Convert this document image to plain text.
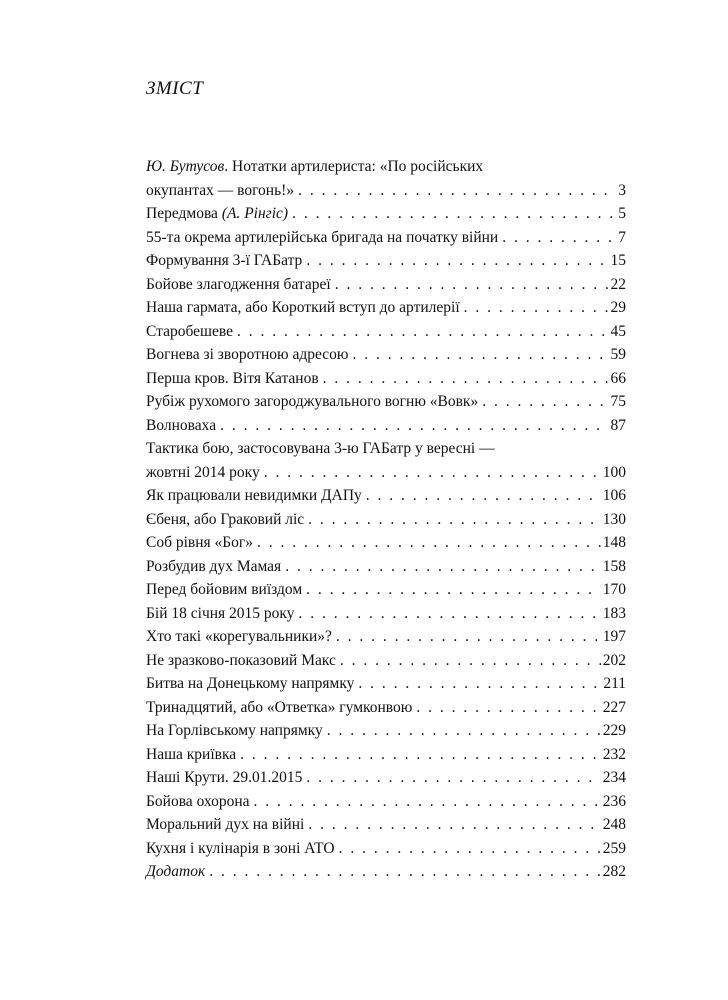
ЗМІСТ
Ю. Бутусов. Нотатки артилериста: «По російських
окупантах — вогонь!» . . .	3
Передмова (А. Рінгіс) . . .	5
55-та окрема артилерійська бригада на початку війни . . .	7
Формування 3-ї ГАБатр . . .	15
Бойове злагодження батареї . . .	22
Наша гармата, або Короткий вступ до артилерії . . .	29
Старобешеве . . .	45
Вогнева зі зворотною адресою . . .	59
Перша кров. Вітя Катанов . . .	66
Рубіж рухомого загороджувального вогню «Вовк» . . .	75
Волноваха . . .	87
Тактика бою, застосовувана 3-ю ГАБатр у вересні —
жовтні 2014 року . . .	100
Як працювали невидимки ДАПу . . .	106
Єбеня, або Граковий ліс . . .	130
Соб рівня «Бог» . . .	148
Розбудив дух Мамая . . .	158
Перед бойовим виїздом . . .	170
Бій 18 січня 2015 року . . .	183
Хто такі «корегувальники»? . . .	197
Не зразково-показовий Макс . . .	202
Битва на Донецькому напрямку . . .	211
Тринадцятий, або «Ответка» гумконвою . . .	227
На Горлівському напрямку . . .	229
Наша криївка . . .	232
Наші Крути. 29.01.2015 . . .	234
Бойова охорона . . .	236
Моральний дух на війні . . .	248
Кухня і кулінарія в зоні АТО . . .	259
Додаток . . .	282
